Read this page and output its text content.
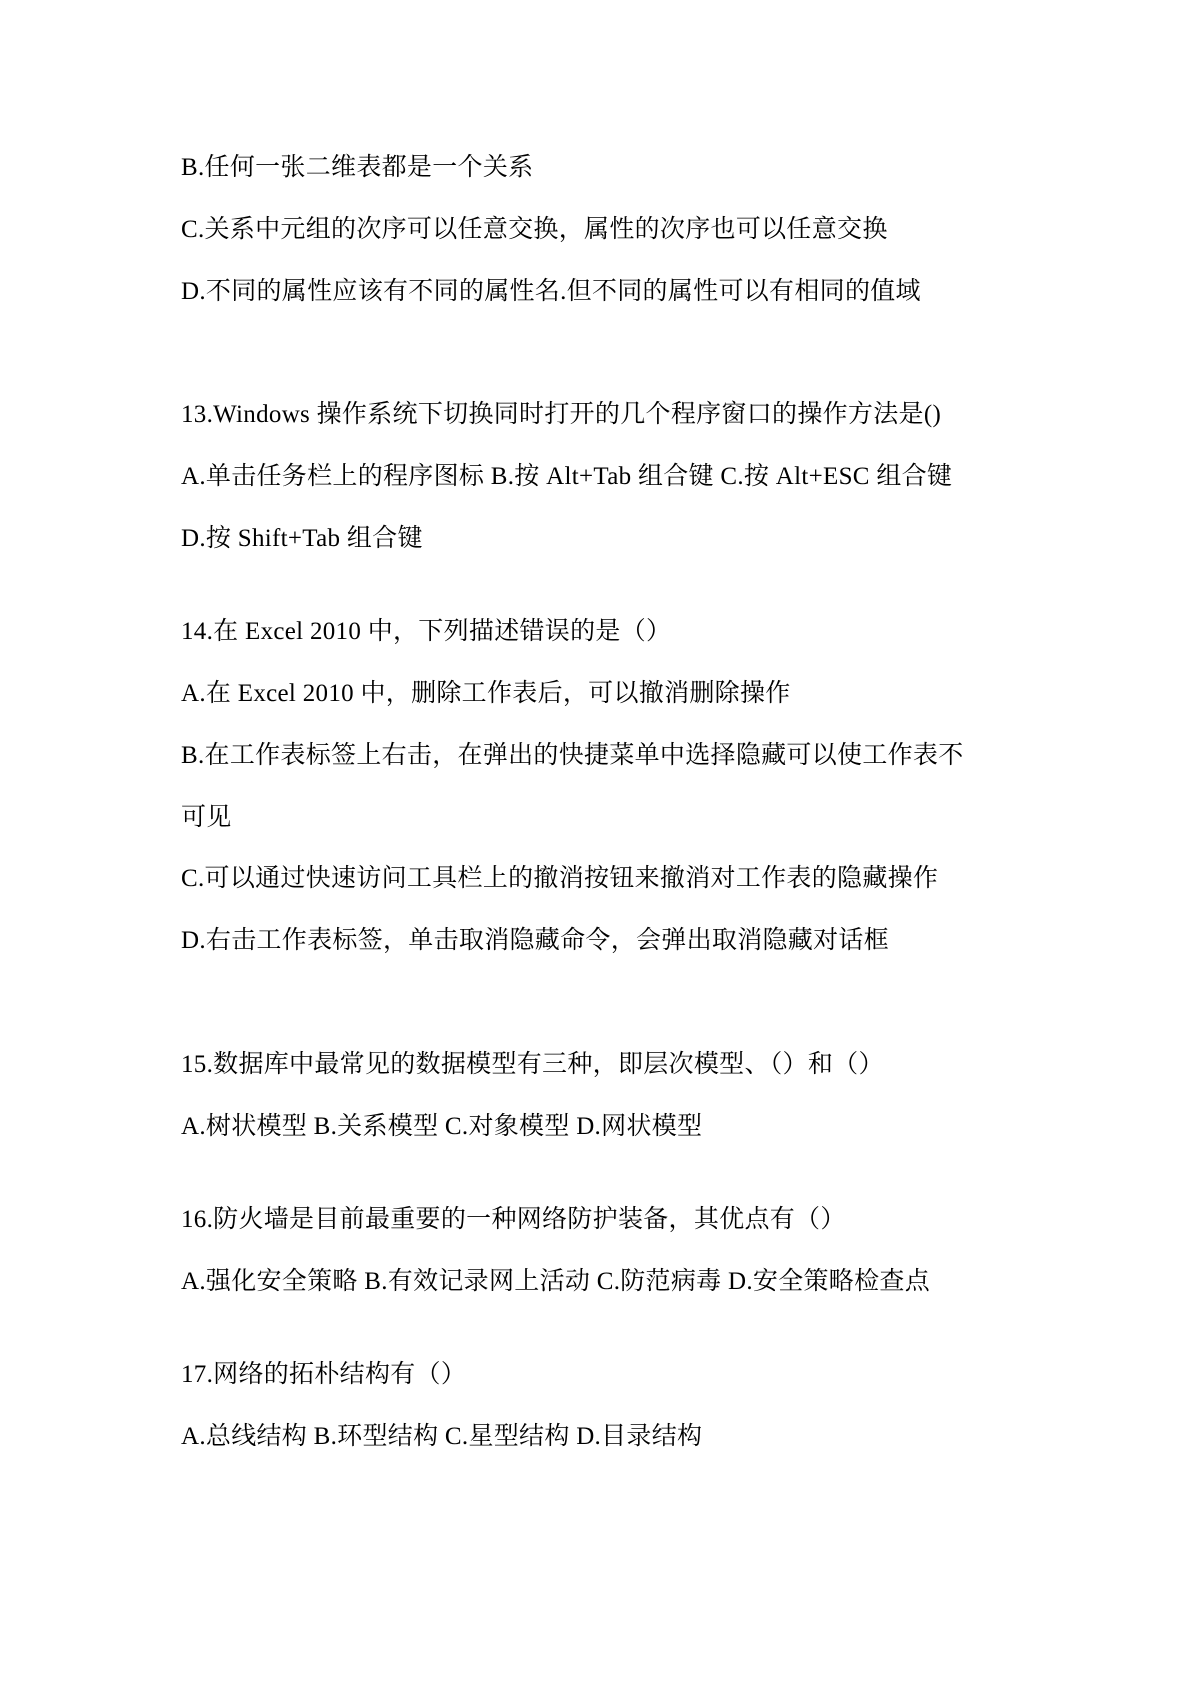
B.任何一张二维表都是一个关系

C.关系中元组的次序可以任意交换，属性的次序也可以任意交换

D.不同的属性应该有不同的属性名.但不同的属性可以有相同的值域

13.Windows 操作系统下切换同时打开的几个程序窗口的操作方法是()

A.单击任务栏上的程序图标 B.按 Alt+Tab 组合键 C.按 Alt+ESC 组合键

D.按 Shift+Tab 组合键

14.在 Excel 2010 中，下列描述错误的是（）

A.在 Excel 2010 中，删除工作表后，可以撤消删除操作

B.在工作表标签上右击，在弹出的快捷菜单中选择隐藏可以使工作表不

可见

C.可以通过快速访问工具栏上的撤消按钮来撤消对工作表的隐藏操作

D.右击工作表标签，单击取消隐藏命令，会弹出取消隐藏对话框

15.数据库中最常见的数据模型有三种，即层次模型、（）和（）

A.树状模型 B.关系模型 C.对象模型 D.网状模型

16.防火墙是目前最重要的一种网络防护装备，其优点有（）

A.强化安全策略 B.有效记录网上活动 C.防范病毒 D.安全策略检查点

17.网络的拓朴结构有（）

A.总线结构 B.环型结构 C.星型结构 D.目录结构
